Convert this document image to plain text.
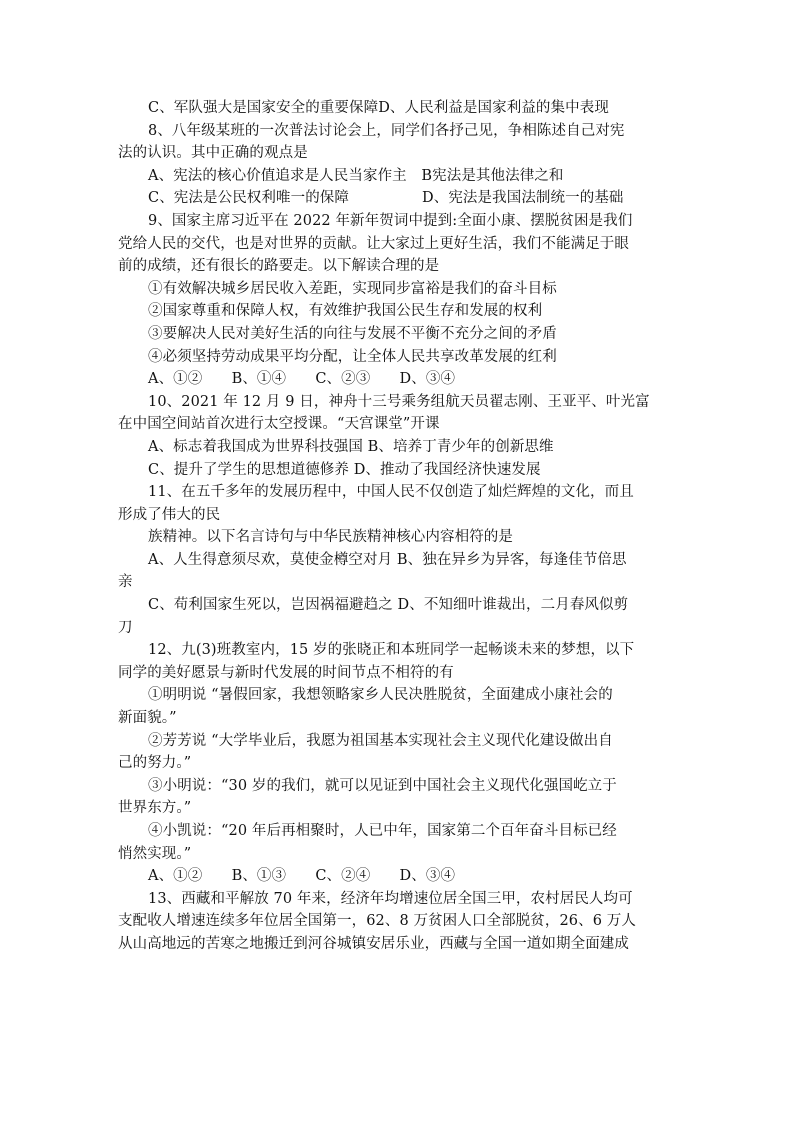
C、军队强大是国家安全的重要保障D、人民利益是国家利益的集中表现
8、八年级某班的一次普法讨论会上，同学们各抒己见，争相陈述自己对宪
法的认识。其中正确的观点是
A、宪法的核心价值追求是人民当家作主　B宪法是其他法律之和
C、宪法是公民权利唯一的保障　　　　　D、宪法是我国法制统一的基础
9、国家主席习近平在 2022 年新年贺词中提到:全面小康、摆脱贫困是我们
党给人民的交代，也是对世界的贡献。让大家过上更好生活，我们不能满足于眼
前的成绩，还有很长的路要走。以下解读合理的是
①有效解决城乡居民收入差距，实现同步富裕是我们的奋斗目标
②国家尊重和保障人权，有效维护我国公民生存和发展的权利
③要解决人民对美好生活的向往与发展不平衡不充分之间的矛盾
④必须坚持劳动成果平均分配，让全体人民共享改革发展的红利
A、①②　　B、①④　　C、②③　　D、③④
10、2021 年 12 月 9 日，神舟十三号乘务组航天员翟志刚、王亚平、叶光富
在中国空间站首次进行太空授课。“天宫课堂”开课
A、标志着我国成为世界科技强国 B、培养丁青少年的创新思维
C、提升了学生的思想道德修养 D、推动了我国经济快速发展
11、在五千多年的发展历程中，中国人民不仅创造了灿烂辉煌的文化，而且
形成了伟大的民
族精神。以下名言诗句与中华民族精神核心内容相符的是
A、人生得意须尽欢，莫使金樽空对月 B、独在异乡为异客，每逢佳节倍思
亲
C、苟利国家生死以，岂因祸福避趋之 D、不知细叶谁裁出，二月春风似剪
刀
12、九(3)班教室内，15 岁的张晓正和本班同学一起畅谈未来的梦想，以下
同学的美好愿景与新时代发展的时间节点不相符的有
①明明说 “暑假回家，我想领略家乡人民决胜脱贫，全面建成小康社会的
新面貌。”
②芳芳说 “大学毕业后，我愿为祖国基本实现社会主义现代化建设做出自
己的努力。”
③小明说：“30 岁的我们，就可以见证到中国社会主义现代化强国屹立于
世界东方。”
④小凯说：“20 年后再相聚时，人已中年，国家第二个百年奋斗目标已经
悄然实现。”
A、①②　　B、①③　　C、②④　　D、③④
13、西藏和平解放 70 年来，经济年均增速位居全国三甲，农村居民人均可
支配收人增速连续多年位居全国第一，62、8 万贫困人口全部脱贫，26、6 万人
从山高地远的苦寒之地搬迁到河谷城镇安居乐业，西藏与全国一道如期全面建成
